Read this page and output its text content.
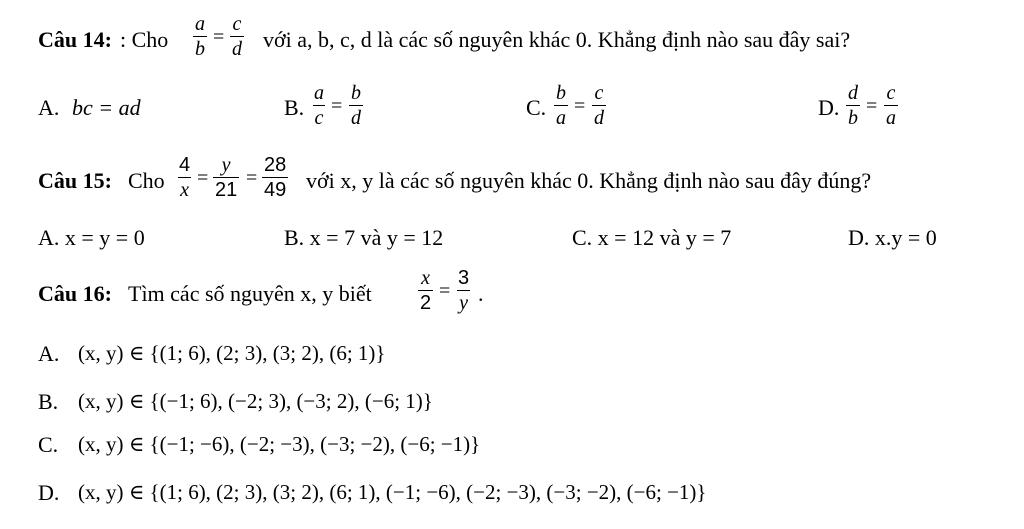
Câu 14: : Cho $\frac{a}{b} = \frac{c}{d}$ với a, b, c, d là các số nguyên khác 0. Khẳng định nào sau đây sai?
A. bc = ad	B. $\frac{a}{c} = \frac{b}{d}$	C. $\frac{b}{a} = \frac{c}{d}$	D. $\frac{d}{b} = \frac{c}{a}$
Câu 15: Cho $\frac{4}{x} = \frac{y}{21} = \frac{28}{49}$ với x, y là các số nguyên khác 0. Khẳng định nào sau đây đúng?
A. x = y = 0	B. x = 7 và y = 12	C. x = 12 và y = 7	D. x.y = 0
Câu 16: Tìm các số nguyên x, y biết $\frac{x}{2} = \frac{3}{y}$ .
A. (x, y) ∈ {(1; 6), (2; 3), (3; 2), (6; 1)}
B. (x, y) ∈ {(−1; 6), (−2; 3), (−3; 2), (−6; 1)}
C. (x, y) ∈ {(−1; −6), (−2; −3), (−3; −2), (−6; −1)}
D. (x, y) ∈ {(1; 6), (2; 3), (3; 2), (6; 1), (−1; −6), (−2; −3), (−3; −2), (−6; −1)}
